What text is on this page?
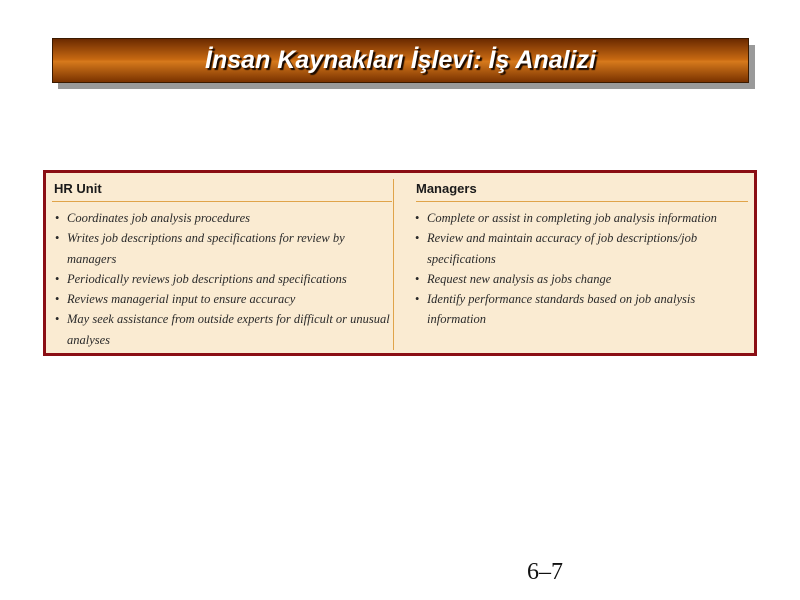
İnsan Kaynakları İşlevi: İş Analizi
HR Unit
• Coordinates job analysis procedures
• Writes job descriptions and specifications for review by managers
• Periodically reviews job descriptions and specifications
• Reviews managerial input to ensure accuracy
• May seek assistance from outside experts for difficult or unusual analyses
Managers
• Complete or assist in completing job analysis information
• Review and maintain accuracy of job descriptions/job specifications
• Request new analysis as jobs change
• Identify performance standards based on job analysis information
6–7
